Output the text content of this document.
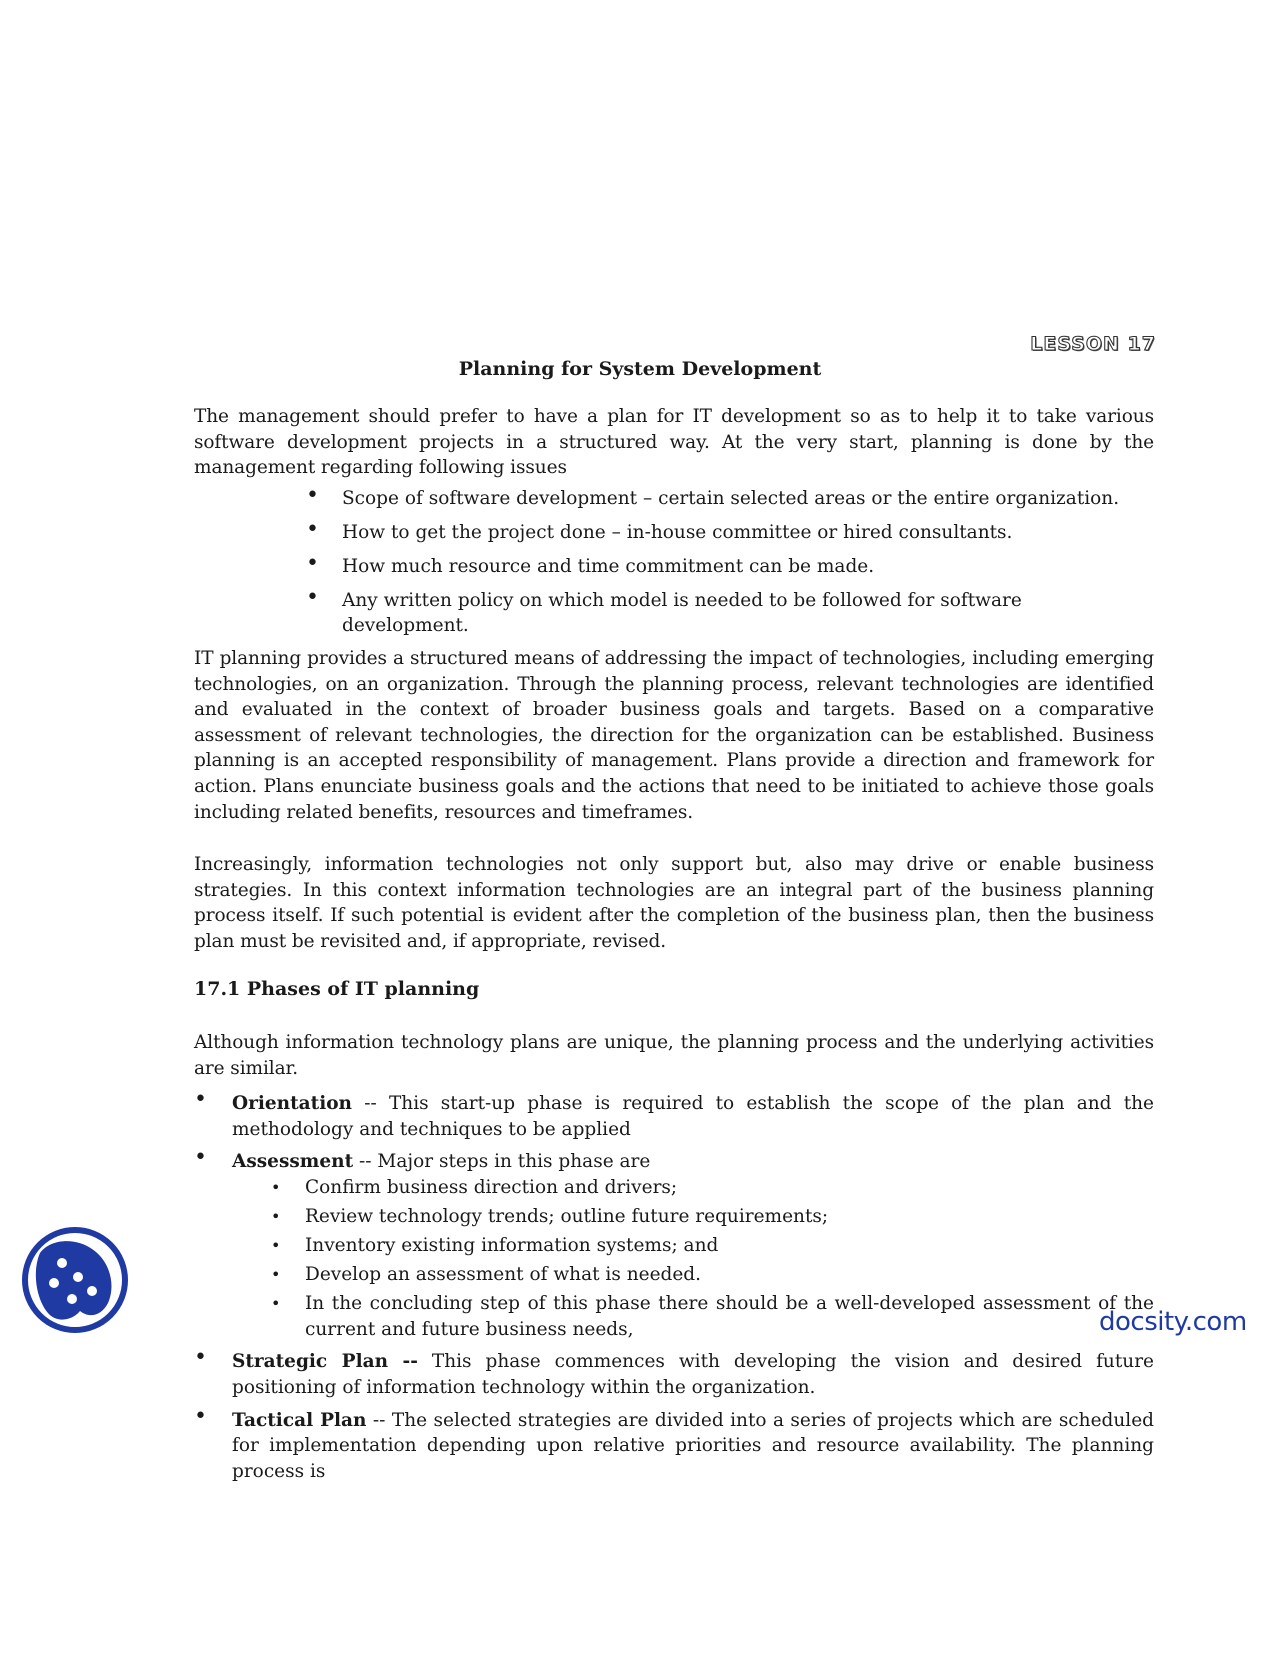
LESSON 17
Planning for System Development

The management should prefer to have a plan for IT development so as to help it to take various software development projects in a structured way. At the very start, planning is done by the management regarding following issues

• Scope of software development – certain selected areas or the entire organization.
• How to get the project done – in-house committee or hired consultants.
• How much resource and time commitment can be made.
• Any written policy on which model is needed to be followed for software development.

IT planning provides a structured means of addressing the impact of technologies, including emerging technologies, on an organization. Through the planning process, relevant technologies are identified and evaluated in the context of broader business goals and targets. Based on a comparative assessment of relevant technologies, the direction for the organization can be established. Business planning is an accepted responsibility of management. Plans provide a direction and framework for action. Plans enunciate business goals and the actions that need to be initiated to achieve those goals including related benefits, resources and timeframes.

Increasingly, information technologies not only support but, also may drive or enable business strategies. In this context information technologies are an integral part of the business planning process itself. If such potential is evident after the completion of the business plan, then the business plan must be revisited and, if appropriate, revised.

17.1 Phases of IT planning

Although information technology plans are unique, the planning process and the underlying activities are similar.

• Orientation -- This start-up phase is required to establish the scope of the plan and the methodology and techniques to be applied
• Assessment -- Major steps in this phase are
• Confirm business direction and drivers;
• Review technology trends; outline future requirements;
• Inventory existing information systems; and
• Develop an assessment of what is needed.
• In the concluding step of this phase there should be a well-developed assessment of the current and future business needs,
• Strategic Plan -- This phase commences with developing the vision and desired future positioning of information technology within the organization.
• Tactical Plan -- The selected strategies are divided into a series of projects which are scheduled for implementation depending upon relative priorities and resource availability. The planning process is
docsity.com
